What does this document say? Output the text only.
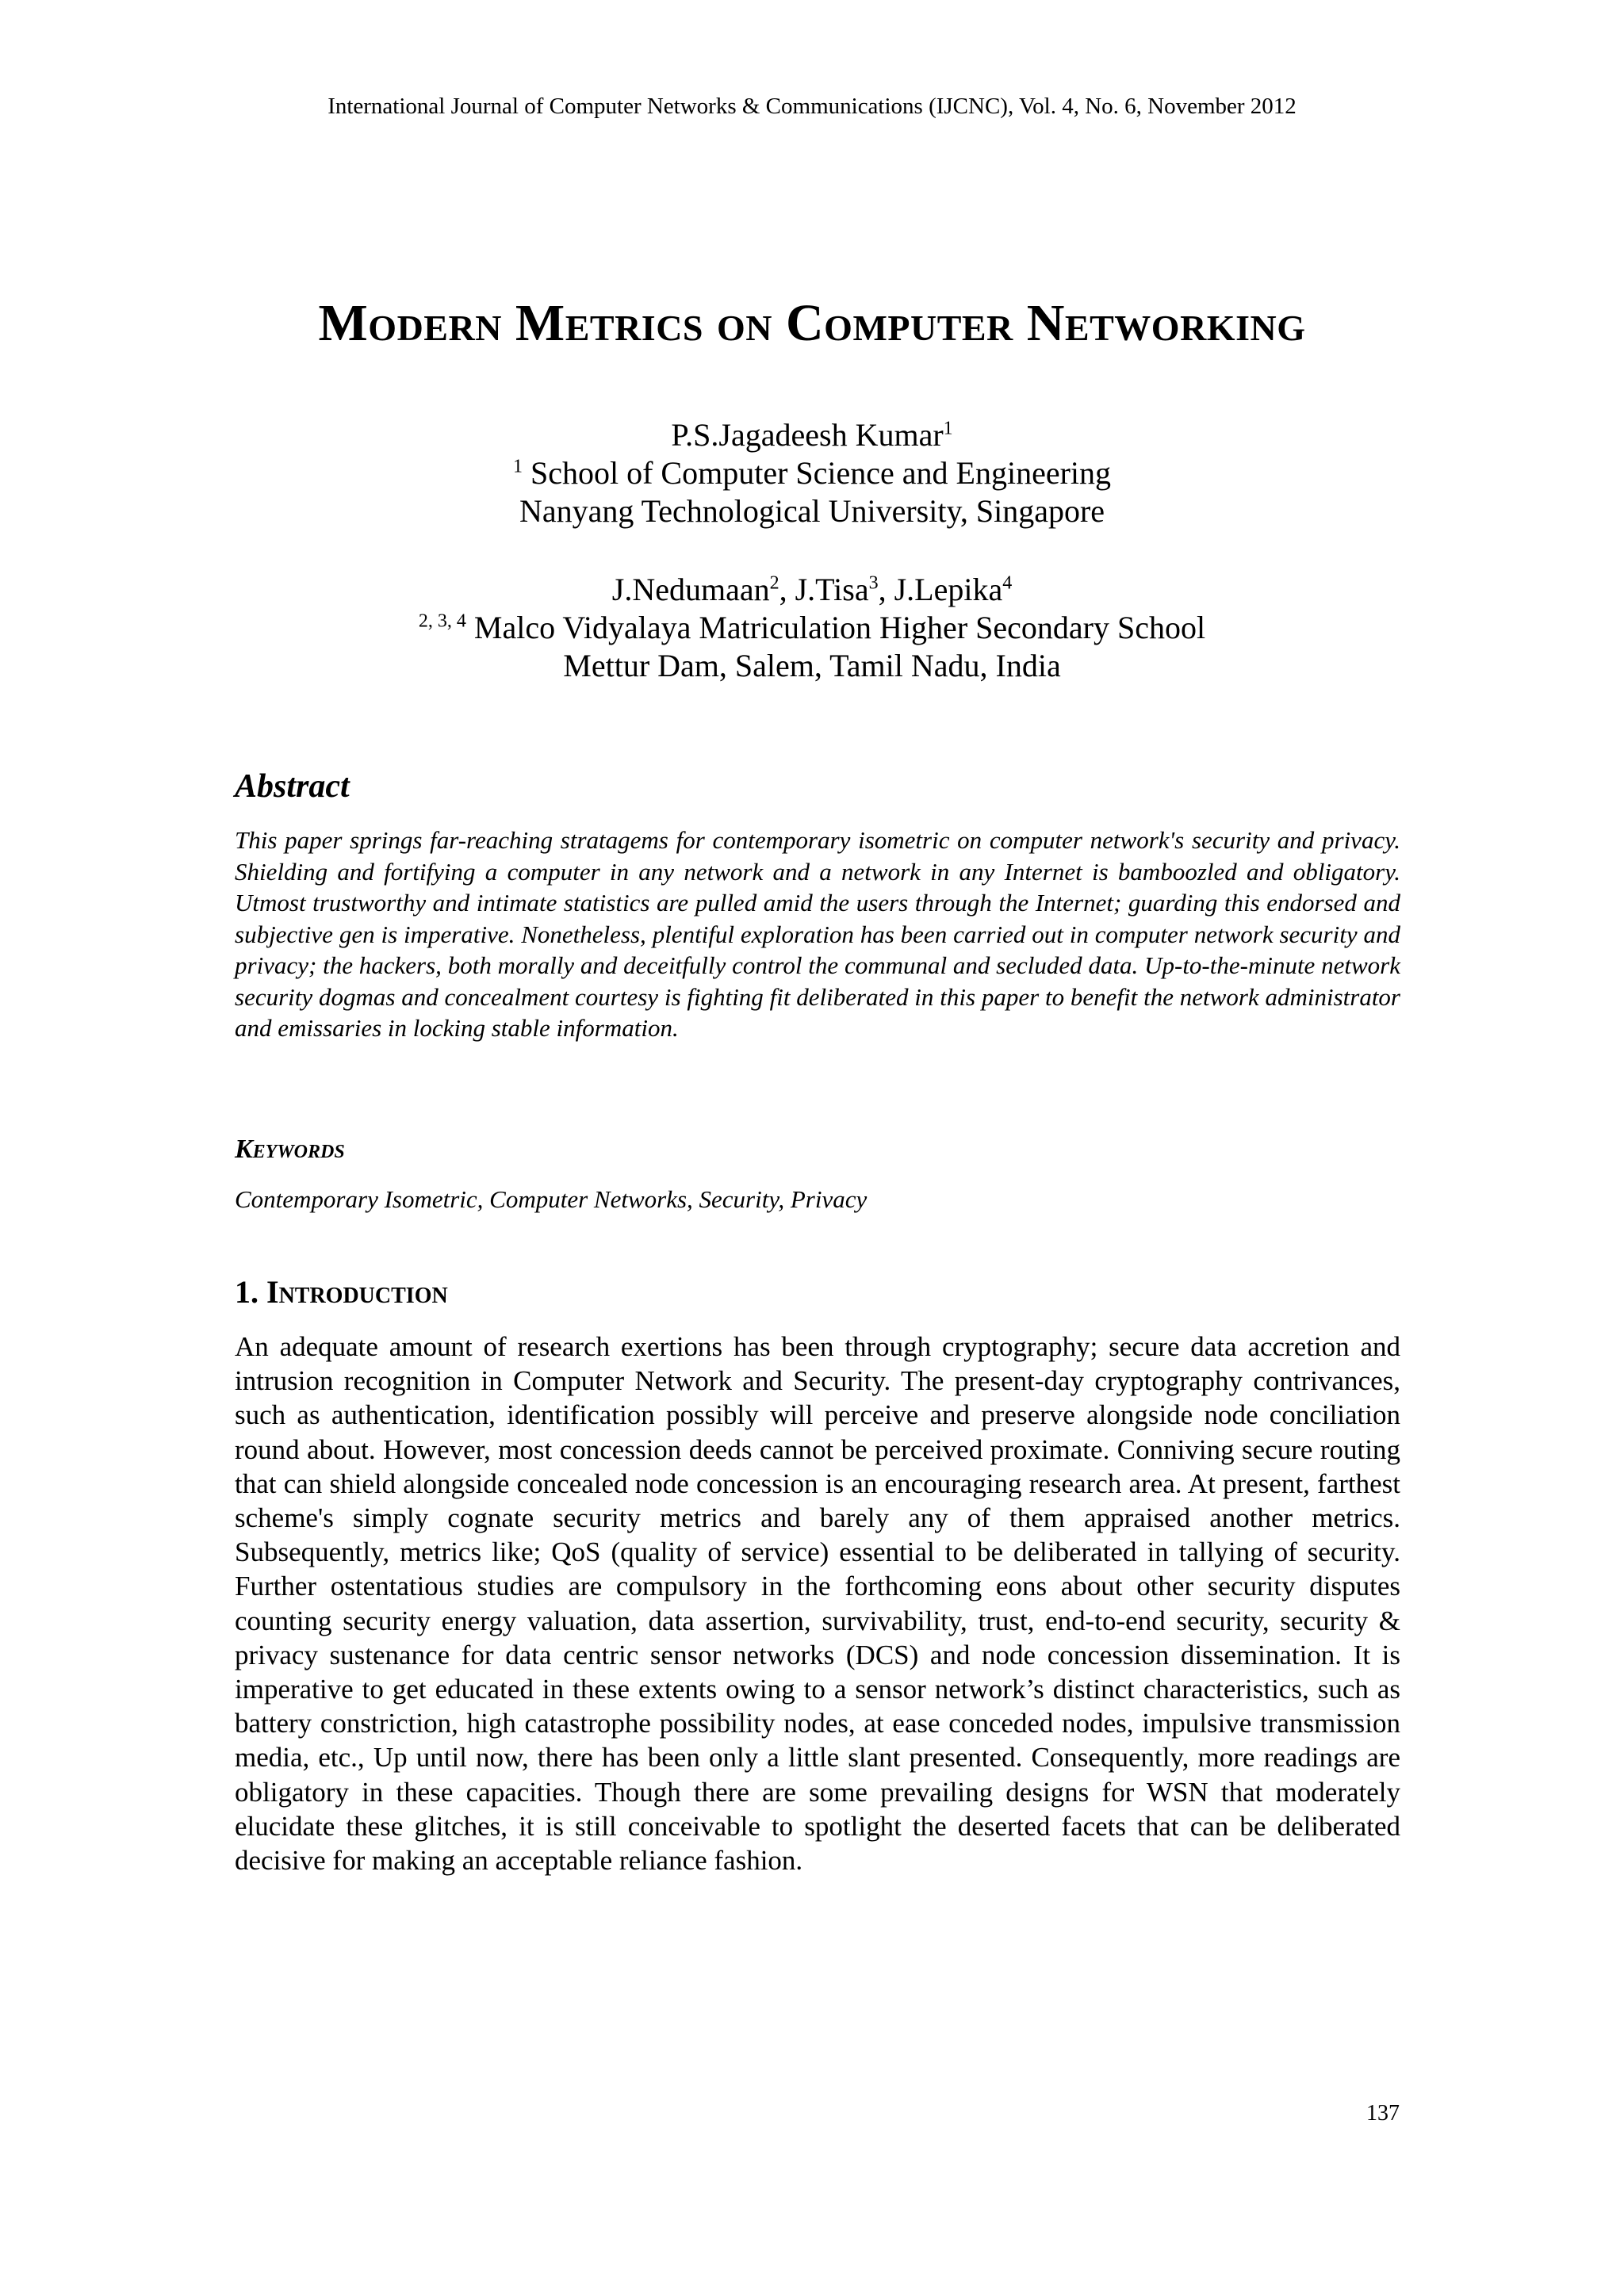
International Journal of Computer Networks & Communications (IJCNC), Vol. 4, No. 6, November 2012
Modern Metrics on Computer Networking

P.S.Jagadeesh Kumar$^1$

$^1$ School of Computer Science and Engineering

Nanyang Technological University, Singapore

J.Nedumaan$^2$, J.Tisa$^3$, J.Lepika$^4$

$^{2, 3, 4}$ Malco Vidyalaya Matriculation Higher Secondary School

Mettur Dam, Salem, Tamil Nadu, India

Abstract

This paper springs far-reaching stratagems for contemporary isometric on computer network's security and privacy. Shielding and fortifying a computer in any network and a network in any Internet is bamboozled and obligatory. Utmost trustworthy and intimate statistics are pulled amid the users through the Internet; guarding this endorsed and subjective gen is imperative. Nonetheless, plentiful exploration has been carried out in computer network security and privacy; the hackers, both morally and deceitfully control the communal and secluded data. Up-to-the-minute network security dogmas and concealment courtesy is fighting fit deliberated in this paper to benefit the network administrator and emissaries in locking stable information.

Keywords

Contemporary Isometric, Computer Networks, Security, Privacy

1. Introduction

An adequate amount of research exertions has been through cryptography; secure data accretion and intrusion recognition in Computer Network and Security. The present-day cryptography contrivances, such as authentication, identification possibly will perceive and preserve alongside node conciliation round about. However, most concession deeds cannot be perceived proximate. Conniving secure routing that can shield alongside concealed node concession is an encouraging research area. At present, farthest scheme's simply cognate security metrics and barely any of them appraised another metrics. Subsequently, metrics like; QoS (quality of service) essential to be deliberated in tallying of security. Further ostentatious studies are compulsory in the forthcoming eons about other security disputes counting security energy valuation, data assertion, survivability, trust, end-to-end security, security & privacy sustenance for data centric sensor networks (DCS) and node concession dissemination. It is imperative to get educated in these extents owing to a sensor network’s distinct characteristics, such as battery constriction, high catastrophe possibility nodes, at ease conceded nodes, impulsive transmission media, etc., Up until now, there has been only a little slant presented. Consequently, more readings are obligatory in these capacities. Though there are some prevailing designs for WSN that moderately elucidate these glitches, it is still conceivable to spotlight the deserted facets that can be deliberated decisive for making an acceptable reliance fashion.

137
